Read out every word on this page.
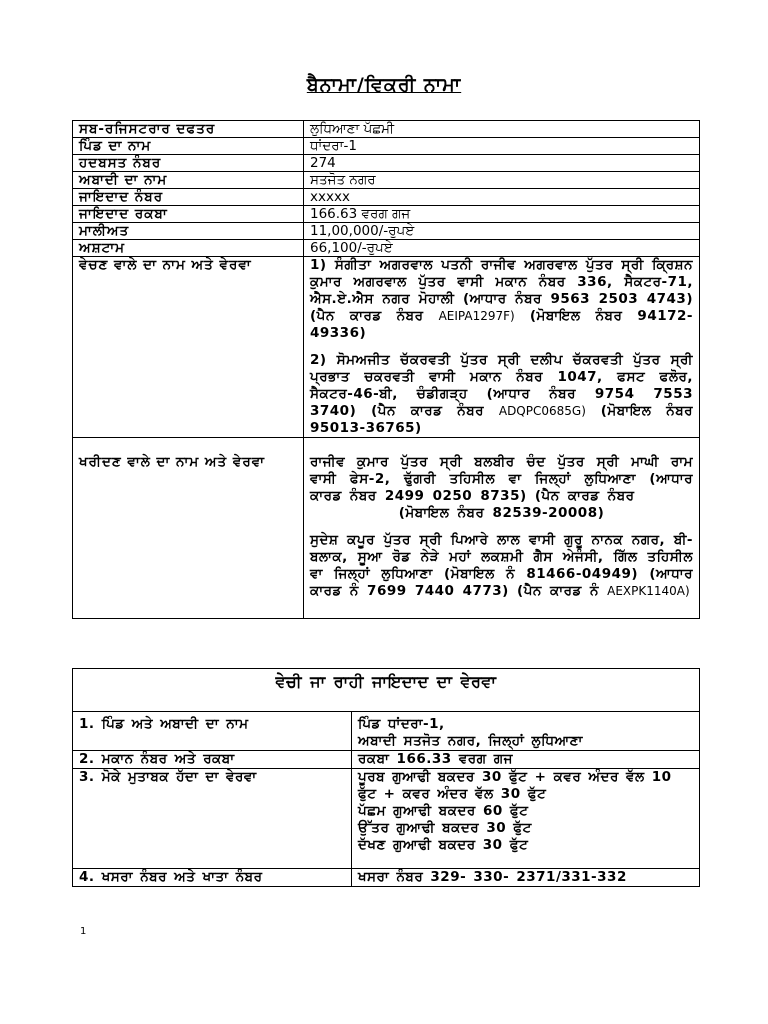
ਬੈਨਾਮਾ/ਵਿਕਰੀ ਨਾਮਾ
ਸਬ-ਰਜਿਸਟਰਾਰ ਦਫਤਰ	ਲੁਧਿਆਣਾ ਪੱਛਮੀ
ਪਿੰਡ ਦਾ ਨਾਮ	ਧਾਂਦਰਾ-1
ਹਦਬਸਤ ਨੰਬਰ	274
ਅਬਾਦੀ ਦਾ ਨਾਮ	ਸਤਜੋਤ ਨਗਰ
ਜਾਇਦਾਦ ਨੰਬਰ	xxxxx
ਜਾਇਦਾਦ ਰਕਬਾ	166.63 ਵਰਗ ਗਜ
ਮਾਲੀਅਤ	11,00,000/-ਰੁਪਏ
ਅਸ਼ਟਾਮ	66,100/-ਰੁਪਏ
ਵੇਚਣ ਵਾਲੇ ਦਾ ਨਾਮ ਅਤੇ ਵੇਰਵਾ	1) ਸੰਗੀਤਾ ਅਗਰਵਾਲ ਪਤਨੀ ਰਾਜੀਵ ਅਗਰਵਾਲ ਪੁੱਤਰ ਸ੍ਰੀ ਕ੍ਰਿਸ਼ਨ ਕੁਮਾਰ ਅਗਰਵਾਲ ਪੁੱਤਰ ਵਾਸੀ ਮਕਾਨ ਨੰਬਰ 336, ਸੈਕਟਰ-71, ਐਸ.ਏ.ਐਸ ਨਗਰ ਮੋਹਾਲੀ (ਆਧਾਰ ਨੰਬਰ 9563 2503 4743) (ਪੈਨ ਕਾਰਡ ਨੰਬਰ AEIPA1297F) (ਮੋਬਾਇਲ ਨੰਬਰ 94172-49336)

2) ਸੋਮਅਜੀਤ ਚੱਕਰਵਤੀ ਪੁੱਤਰ ਸ੍ਰੀ ਦਲੀਪ ਚੱਕਰਵਤੀ ਪੁੱਤਰ ਸ੍ਰੀ ਪ੍ਰਭਾਤ ਚਕਰਵਤੀ ਵਾਸੀ ਮਕਾਨ ਨੰਬਰ 1047, ਫਸਟ ਫਲੋਰ, ਸੈਕਟਰ-46-ਬੀ, ਚੰਡੀਗੜ੍ਹ (ਆਧਾਰ ਨੰਬਰ 9754 7553 3740) (ਪੈਨ ਕਾਰਡ ਨੰਬਰ ADQPC0685G) (ਮੋਬਾਇਲ ਨੰਬਰ 95013-36765)

ਖਰੀਦਣ ਵਾਲੇ ਦਾ ਨਾਮ ਅਤੇ ਵੇਰਵਾ	ਰਾਜੀਵ ਕੁਮਾਰ ਪੁੱਤਰ ਸ੍ਰੀ ਬਲਬੀਰ ਚੰਦ ਪੁੱਤਰ ਸ੍ਰੀ ਮਾਘੀ ਰਾਮ ਵਾਸੀ ਫੇਸ-2, ਢੁੱਗਰੀ ਤਹਿਸੀਲ ਵਾ ਜਿਲ੍ਹਾਂ ਲੁਧਿਆਣਾ (ਆਧਾਰ ਕਾਰਡ ਨੰਬਰ 2499 0250 8735) (ਪੈਨ ਕਾਰਡ ਨੰਬਰ

(ਮੋਬਾਇਲ ਨੰਬਰ 82539-20008)

ਸੁਦੇਸ਼ ਕਪੂਰ ਪੁੱਤਰ ਸ੍ਰੀ ਪਿਆਰੇ ਲਾਲ ਵਾਸੀ ਗੁਰੂ ਨਾਨਕ ਨਗਰ, ਬੀ-ਬਲਾਕ, ਸੂਆ ਰੋਡ ਨੇੜੇ ਮਹਾਂ ਲਕਸ਼ਮੀ ਗੈਸ ਅੇਜੰਸੀ, ਗਿੱਲ ਤਹਿਸੀਲ ਵਾ ਜਿਲ੍ਹਾਂ ਲੁਧਿਆਣਾ (ਮੋਬਾਇਲ ਨੰ 81466-04949) (ਆਧਾਰ ਕਾਰਡ ਨੰ 7699 7440 4773) (ਪੈਨ ਕਾਰਡ ਨੰ AEXPK1140A)

ਵੇਚੀ ਜਾ ਰਾਹੀ ਜਾਇਦਾਦ ਦਾ ਵੇਰਵਾ	
1. ਪਿੰਡ ਅਤੇ ਅਬਾਦੀ ਦਾ ਨਾਮ	ਪਿੰਡ ਧਾਂਦਰਾ-1,
ਅਬਾਦੀ ਸਤਜੋਤ ਨਗਰ, ਜਿਲ੍ਹਾਂ ਲੁਧਿਆਣਾ

2. ਮਕਾਨ ਨੰਬਰ ਅਤੇ ਰਕਬਾ	ਰਕਬਾ 166.33 ਵਰਗ ਗਜ

3. ਮੋਕੇ ਮੁਤਾਬਕ ਹੱਦਾ ਦਾ ਵੇਰਵਾ	ਪੂਰਬ ਗੁਆਢੀ ਬਕਦਰ 30 ਫੁੱਟ + ਕਵਰ ਅੰਦਰ ਵੱਲ 10 ਫੁੱਟ + ਕਵਰ ਅੰਦਰ ਵੱਲ 30 ਫੁੱਟ
ਪੱਛਮ ਗੁਆਢੀ ਬਕਦਰ 60 ਫੁੱਟ
ਉੱਤਰ ਗੁਆਢੀ ਬਕਦਰ 30 ਫੁੱਟ
ਦੱਖਣ ਗੁਆਢੀ ਬਕਦਰ 30 ਫੁੱਟ

4. ਖਸਰਾ ਨੰਬਰ ਅਤੇ ਖਾਤਾ ਨੰਬਰ	ਖਸਰਾ ਨੰਬਰ 329- 330- 2371/331-332
1
